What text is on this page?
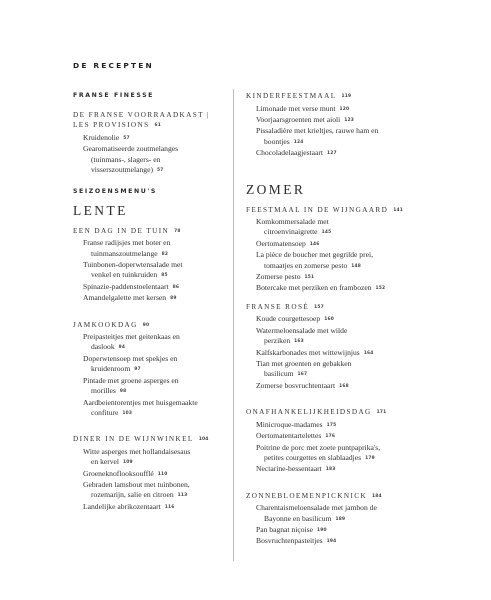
DE RECEPTEN
FRANSE FINESSE
DE FRANSE VOORRAADKAST |
LES PROVISIONS 61
Kruidenolie 57
Gearomatiseerde zoutmelanges
(tuinmans-, slagers- en
visserszoutmelange) 57
SEIZOENSMENU'S
LENTE
EEN DAG IN DE TUIN 78
Franse radijsjes met boter en
tuinmanszoutmelange 82
Tuinbonen-doperwtensalade met
venkel en tuinkruiden 85
Spinazie-paddenstoelentaart 86
Amandelgalette met kersen 89
JAMKOOKDAG 90
Preipasteitjes met geitenkaas en
daslook 94
Doperwtensoep met spekjes en
kruidenroom 97
Pintade met groene asperges en
morilles 98
Aardbeientorentjes met huisgemaakte
confiture 103
DINER IN DE WIJNWINKEL 104
Witte asperges met hollandaisesaus
en kervel 109
Groeneknoflooksoufflé 110
Gebraden lamsbout met tuinbonen,
rozemarijn, salie en citroen 113
Landelijke abrikozentaart 116
KINDERFEESTMAAL 119
Limonade met verse munt 120
Voorjaarsgroenten met aioli 123
Pissaladière met krieltjes, rauwe ham en
boontjes 124
Chocoladelaagjestaart 127
ZOMER
FEESTMAAL IN DE WIJNGAARD 141
Komkommersalade met
citroenvinaigrette 145
Oertomatensoep 146
La pièce de boucher met gegrilde prei,
tomaatjes en zomerse pesto 148
Zomerse pesto 151
Botercake met perziken en frambozen 152
FRANSE ROSÉ 157
Koude courgettesoep 160
Watermeloensalade met wilde
perziken 163
Kalfskarbonades met wittewijnjus 164
Tian met groenten en gebakken
basilicum 167
Zomerse bosvruchtentaart 168
ONAFHANKELIJKHEIDSDAG 171
Minicroque-madames 175
Oertomatentartelettes 176
Poitrine de porc met zoete puntpaprika's,
petites courgettes en slablaadjes 179
Nectarine-bessentaart 183
ZONNEBLOEMENPICKNICK 184
Charentaismeloensalade met jambon de
Bayonne en basilicum 189
Pan bagnat niçoise 190
Bosvruchtenpasteitjes 194
